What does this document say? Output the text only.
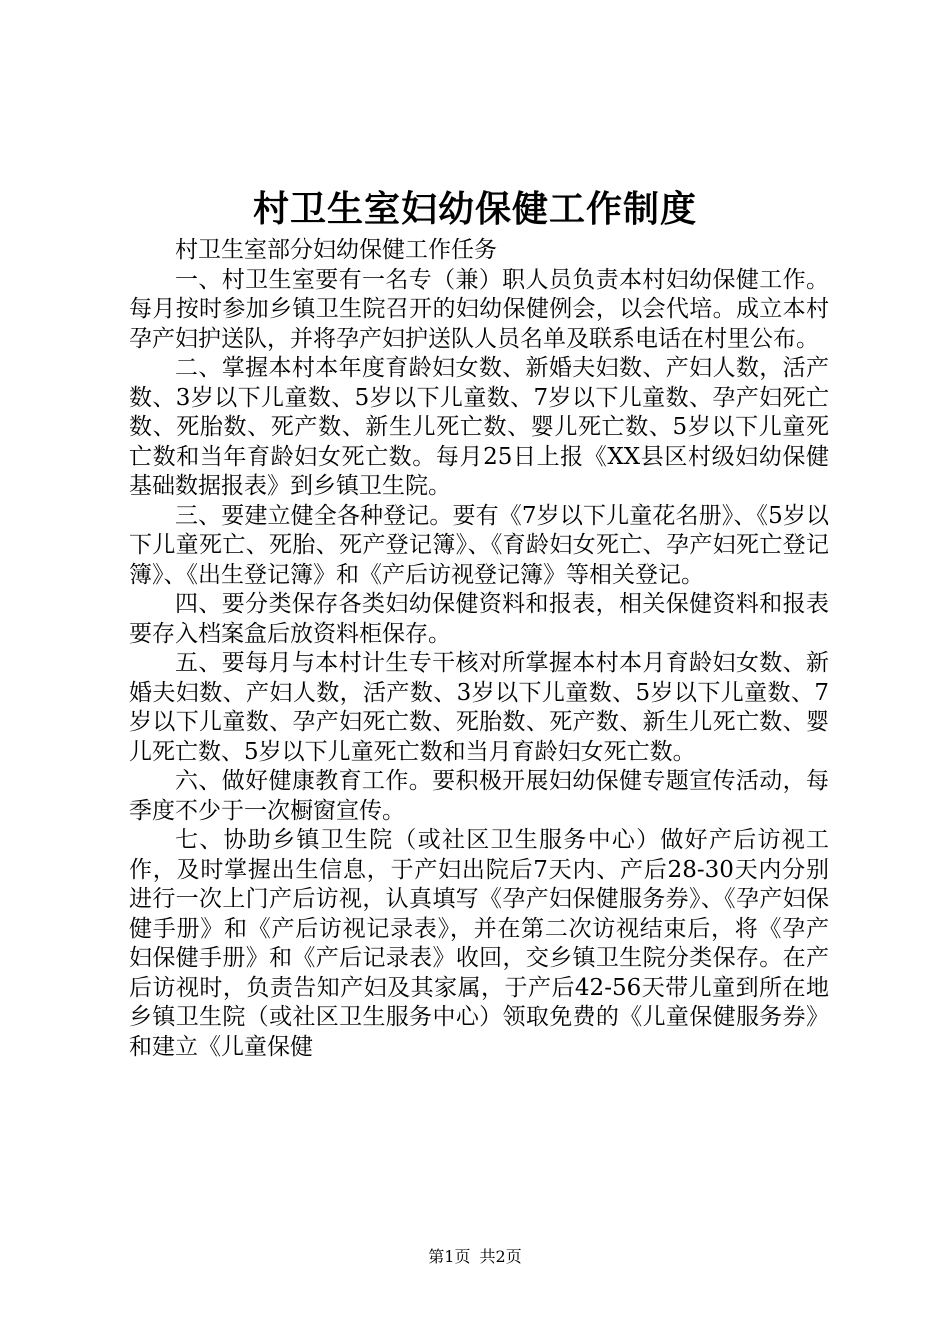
村卫生室妇幼保健工作制度

村卫生室部分妇幼保健工作任务

一、村卫生室要有一名专（兼）职人员负责本村妇幼保健工作。每月按时参加乡镇卫生院召开的妇幼保健例会，以会代培。成立本村孕产妇护送队，并将孕产妇护送队人员名单及联系电话在村里公布。

二、掌握本村本年度育龄妇女数、新婚夫妇数、产妇人数，活产数、3岁以下儿童数、5岁以下儿童数、7岁以下儿童数、孕产妇死亡数、死胎数、死产数、新生儿死亡数、婴儿死亡数、5岁以下儿童死亡数和当年育龄妇女死亡数。每月25日上报《XX县区村级妇幼保健基础数据报表》到乡镇卫生院。

三、要建立健全各种登记。要有《7岁以下儿童花名册》、《5岁以下儿童死亡、死胎、死产登记簿》、《育龄妇女死亡、孕产妇死亡登记簿》、《出生登记簿》和《产后访视登记簿》等相关登记。

四、要分类保存各类妇幼保健资料和报表，相关保健资料和报表要存入档案盒后放资料柜保存。

五、要每月与本村计生专干核对所掌握本村本月育龄妇女数、新婚夫妇数、产妇人数，活产数、3岁以下儿童数、5岁以下儿童数、7岁以下儿童数、孕产妇死亡数、死胎数、死产数、新生儿死亡数、婴儿死亡数、5岁以下儿童死亡数和当月育龄妇女死亡数。

六、做好健康教育工作。要积极开展妇幼保健专题宣传活动，每季度不少于一次橱窗宣传。

七、协助乡镇卫生院（或社区卫生服务中心）做好产后访视工作，及时掌握出生信息，于产妇出院后7天内、产后28-30天内分别进行一次上门产后访视，认真填写《孕产妇保健服务券》、《孕产妇保健手册》和《产后访视记录表》，并在第二次访视结束后，将《孕产妇保健手册》和《产后记录表》收回，交乡镇卫生院分类保存。在产后访视时，负责告知产妇及其家属，于产后42-56天带儿童到所在地乡镇卫生院（或社区卫生服务中心）领取免费的《儿童保健服务券》和建立《儿童保健

第1页 共2页
